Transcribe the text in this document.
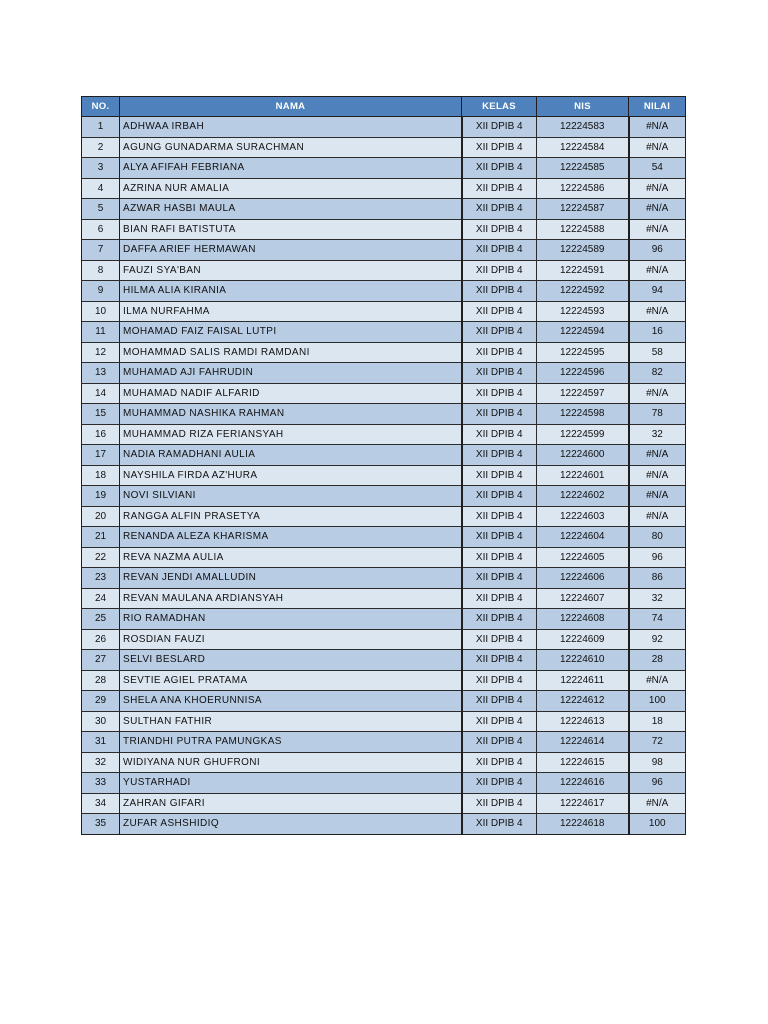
NO.	NAMA	KELAS	NIS	NILAI
1	ADHWAA IRBAH	XII DPIB 4	12224583	#N/A
2	AGUNG GUNADARMA SURACHMAN	XII DPIB 4	12224584	#N/A
3	ALYA AFIFAH FEBRIANA	XII DPIB 4	12224585	54
4	AZRINA NUR AMALIA	XII DPIB 4	12224586	#N/A
5	AZWAR HASBI MAULA	XII DPIB 4	12224587	#N/A
6	BIAN RAFI BATISTUTA	XII DPIB 4	12224588	#N/A
7	DAFFA ARIEF HERMAWAN	XII DPIB 4	12224589	96
8	FAUZI SYA'BAN	XII DPIB 4	12224591	#N/A
9	HILMA ALIA KIRANIA	XII DPIB 4	12224592	94
10	ILMA NURFAHMA	XII DPIB 4	12224593	#N/A
11	MOHAMAD FAIZ FAISAL LUTPI	XII DPIB 4	12224594	16
12	MOHAMMAD SALIS RAMDI RAMDANI	XII DPIB 4	12224595	58
13	MUHAMAD AJI FAHRUDIN	XII DPIB 4	12224596	82
14	MUHAMAD NADIF ALFARID	XII DPIB 4	12224597	#N/A
15	MUHAMMAD NASHIKA RAHMAN	XII DPIB 4	12224598	78
16	MUHAMMAD RIZA FERIANSYAH	XII DPIB 4	12224599	32
17	NADIA RAMADHANI AULIA	XII DPIB 4	12224600	#N/A
18	NAYSHILA FIRDA AZ'HURA	XII DPIB 4	12224601	#N/A
19	NOVI SILVIANI	XII DPIB 4	12224602	#N/A
20	RANGGA ALFIN PRASETYA	XII DPIB 4	12224603	#N/A
21	RENANDA ALEZA KHARISMA	XII DPIB 4	12224604	80
22	REVA NAZMA AULIA	XII DPIB 4	12224605	96
23	REVAN JENDI AMALLUDIN	XII DPIB 4	12224606	86
24	REVAN MAULANA ARDIANSYAH	XII DPIB 4	12224607	32
25	RIO RAMADHAN	XII DPIB 4	12224608	74
26	ROSDIAN FAUZI	XII DPIB 4	12224609	92
27	SELVI BESLARD	XII DPIB 4	12224610	28
28	SEVTIE AGIEL PRATAMA	XII DPIB 4	12224611	#N/A
29	SHELA ANA KHOERUNNISA	XII DPIB 4	12224612	100
30	SULTHAN FATHIR	XII DPIB 4	12224613	18
31	TRIANDHI PUTRA PAMUNGKAS	XII DPIB 4	12224614	72
32	WIDIYANA NUR GHUFRONI	XII DPIB 4	12224615	98
33	YUSTARHADI	XII DPIB 4	12224616	96
34	ZAHRAN GIFARI	XII DPIB 4	12224617	#N/A
35	ZUFAR ASHSHIDIQ	XII DPIB 4	12224618	100
